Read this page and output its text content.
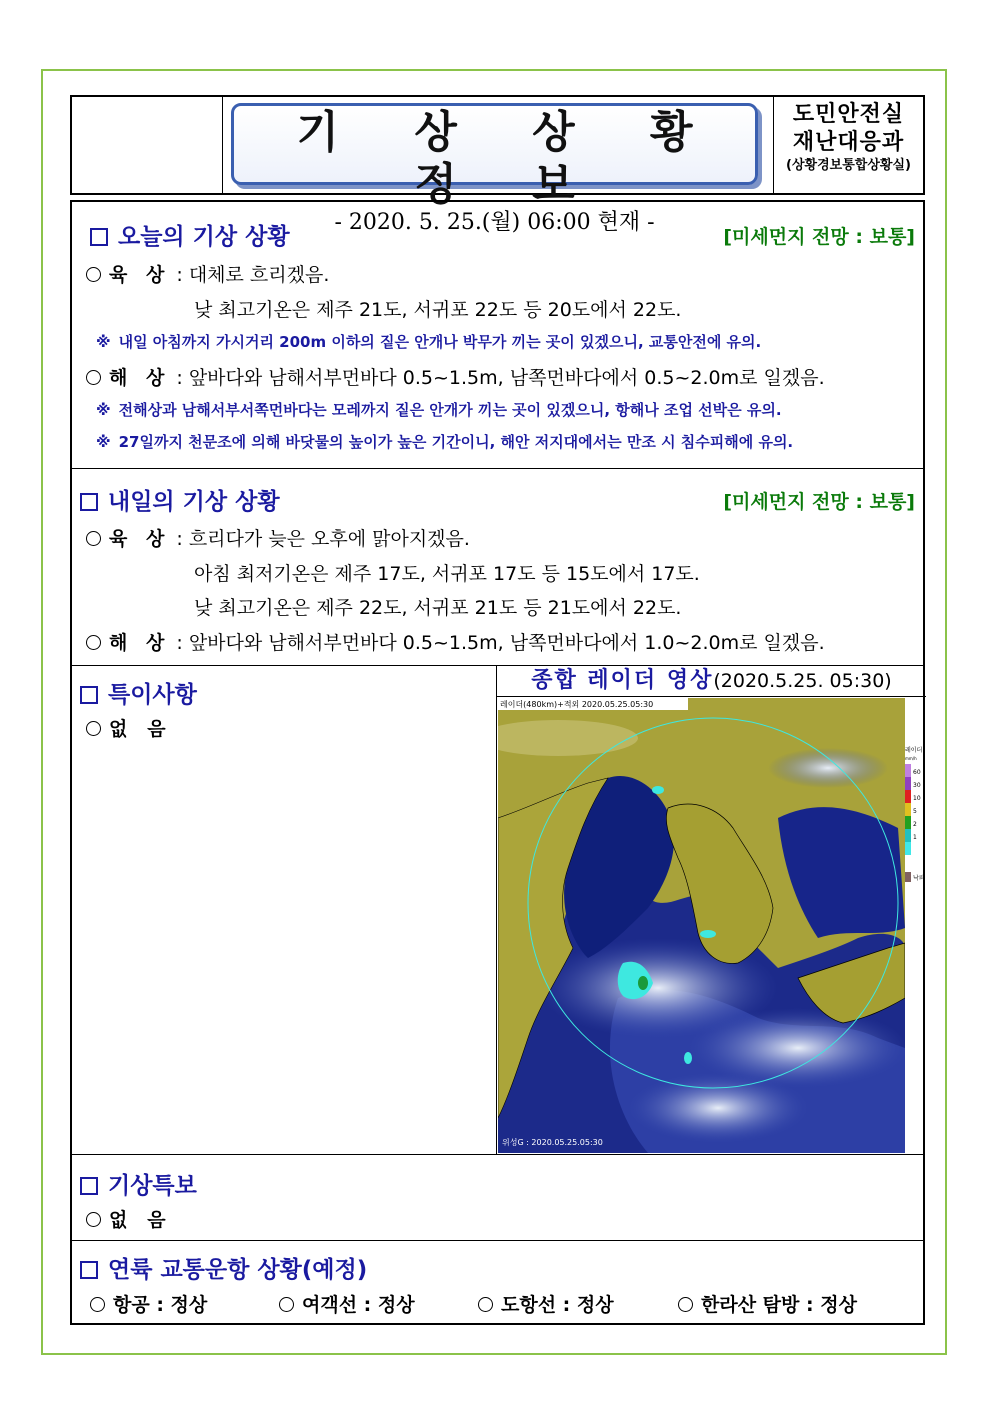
기 상 상 황 정 보
- 2020. 5. 25.(월) 06:00 현재 -
도민안전실
재난대응과
(상황경보통합상황실)
오늘의 기상 상황	[미세먼지 전망 : 보통]
육 상 : 대체로 흐리겠음.
낮 최고기온은 제주 21도, 서귀포 22도 등 20도에서 22도.
※ 내일 아침까지 가시거리 200m 이하의 짙은 안개나 박무가 끼는 곳이 있겠으니, 교통안전에 유의.
해 상 : 앞바다와 남해서부먼바다 0.5~1.5m, 남쪽먼바다에서 0.5~2.0m로 일겠음.
※ 전해상과 남해서부서쪽먼바다는 모레까지 짙은 안개가 끼는 곳이 있겠으니, 항해나 조업 선박은 유의.
※ 27일까지 천문조에 의해 바닷물의 높이가 높은 기간이니, 해안 저지대에서는 만조 시 침수피해에 유의.
내일의 기상 상황	[미세먼지 전망 : 보통]
육 상 : 흐리다가 늦은 오후에 맑아지겠음.
아침 최저기온은 제주 17도, 서귀포 17도 등 15도에서 17도.
낮 최고기온은 제주 22도, 서귀포 21도 등 21도에서 22도.
해 상 : 앞바다와 남해서부먼바다 0.5~1.5m, 남쪽먼바다에서 1.0~2.0m로 일겠음.
특이사항
없   음
종합 레이더 영상(2020.5.25. 05:30)
레이더(480km)+적외 2020.05.25.05:30
위성G : 2020.05.25.05:30
레이더
mm/h
60
30
10
5
2
1
낙뢰
기상특보
없   음
연륙 교통운항 상황(예정)
항공 : 정상	여객선 : 정상	도항선 : 정상	한라산 탐방 : 정상
